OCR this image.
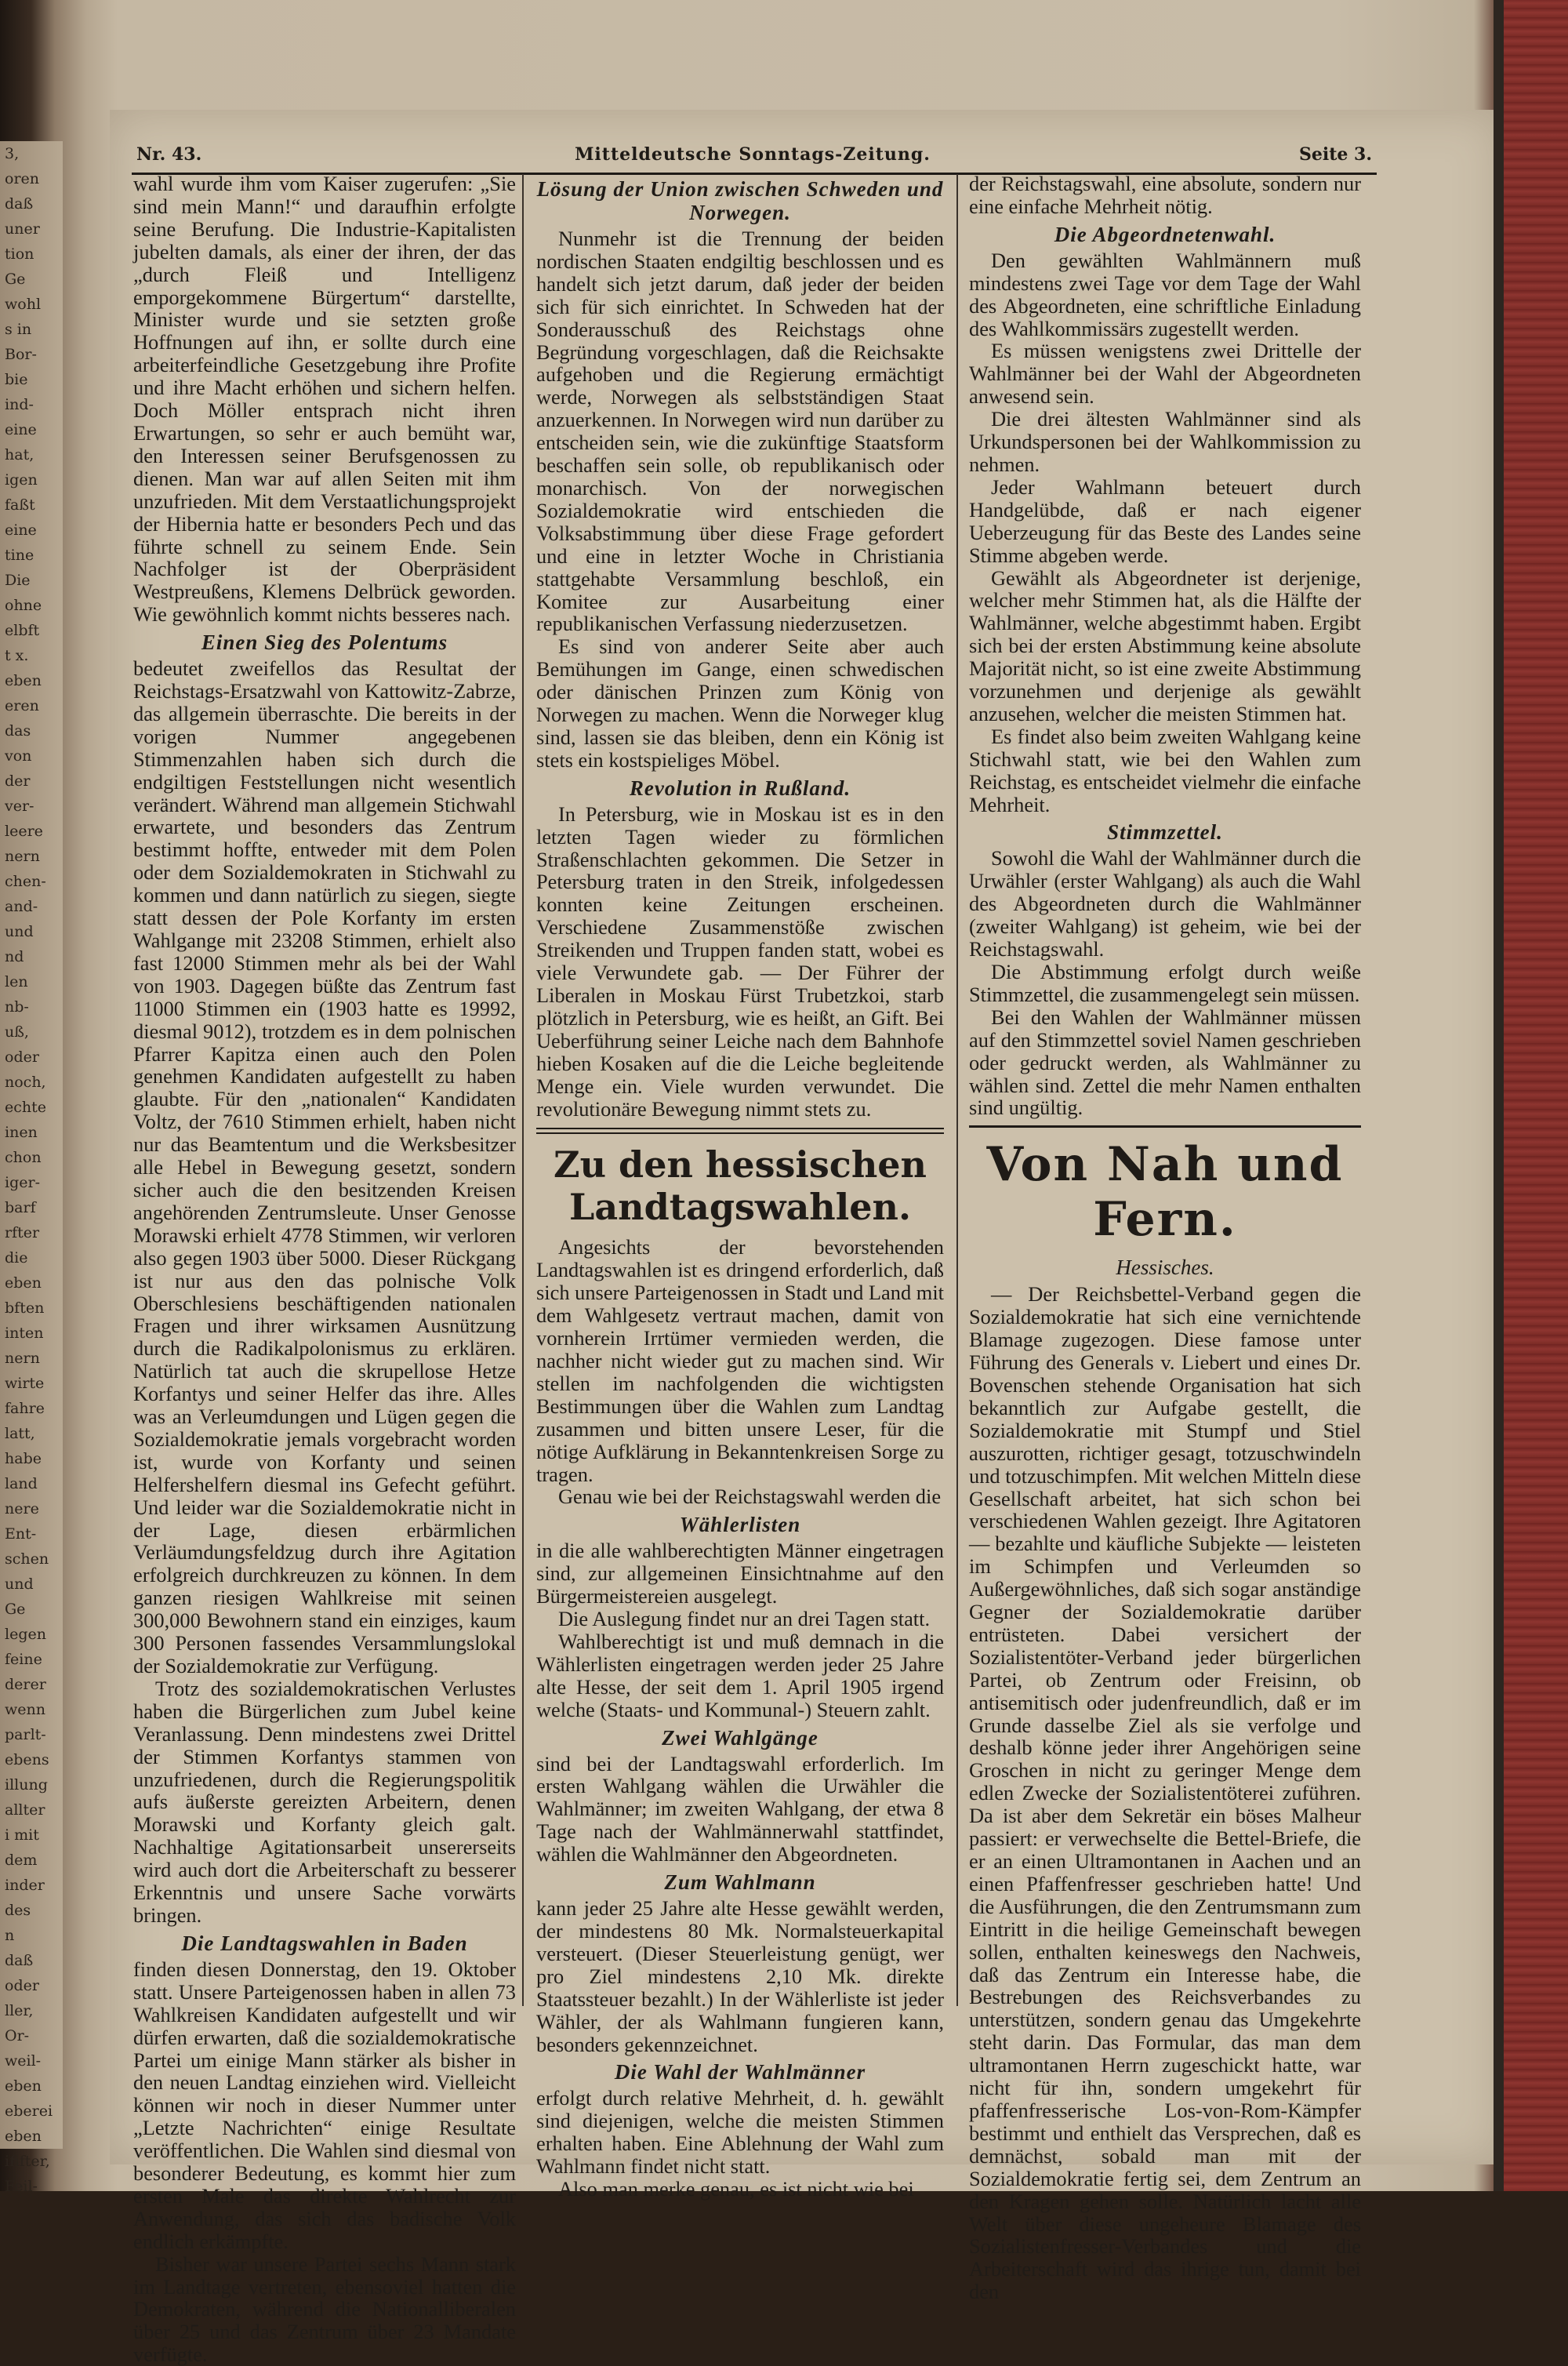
3,
oren
daß
uner
tion
Ge
wohl
s in
Bor-
bie
ind-
eine
hat,
igen
faßt
eine
tine
Die
ohne
elbft
t x.
eben
eren
das
von
der
ver-
leere
nern
chen-
and-
und
nd
len
nb-
uß,
oder
noch,
echte
inen
chon
iger-
barf
rfter
die
eben
bften
inten
nern
wirte
fahre
latt,
habe
land
nere
Ent-
schen
und
Ge
legen
feine
derer
wenn
parlt-
ebens
illung
allter
i mit
dem
inder
des
n
daß
oder
ller,
Or-
weil-
eben
eberei
eben
ififter,
Feil-
Nr. 43.	Mitteldeutsche Sonntags-Zeitung.	Seite 3.

wahl wurde ihm vom Kaiser zugerufen: „Sie sind mein Mann!“ und daraufhin erfolgte seine Berufung. Die Industrie-Kapitalisten jubelten damals, als einer der ihren, der das „durch Fleiß und Intelligenz emporgekommene Bürgertum“ darstellte, Minister wurde und sie setzten große Hoffnungen auf ihn, er sollte durch eine arbeiterfeindliche Gesetzgebung ihre Profite und ihre Macht erhöhen und sichern helfen. Doch Möller entsprach nicht ihren Erwartungen, so sehr er auch bemüht war, den Interessen seiner Berufsgenossen zu dienen. Man war auf allen Seiten mit ihm unzufrieden. Mit dem Verstaatlichungsprojekt der Hibernia hatte er besonders Pech und das führte schnell zu seinem Ende. Sein Nachfolger ist der Oberpräsident Westpreußens, Klemens Delbrück geworden. Wie gewöhnlich kommt nichts besseres nach.

Einen Sieg des Polentums

bedeutet zweifellos das Resultat der Reichstags-Ersatzwahl von Kattowitz-Zabrze, das allgemein überraschte. Die bereits in der vorigen Nummer angegebenen Stimmenzahlen haben sich durch die endgiltigen Feststellungen nicht wesentlich verändert. Während man allgemein Stichwahl erwartete, und besonders das Zentrum bestimmt hoffte, entweder mit dem Polen oder dem Sozialdemokraten in Stichwahl zu kommen und dann natürlich zu siegen, siegte statt dessen der Pole Korfanty im ersten Wahlgange mit 23208 Stimmen, erhielt also fast 12000 Stimmen mehr als bei der Wahl von 1903. Dagegen büßte das Zentrum fast 11000 Stimmen ein (1903 hatte es 19992, diesmal 9012), trotzdem es in dem polnischen Pfarrer Kapitza einen auch den Polen genehmen Kandidaten aufgestellt zu haben glaubte. Für den „nationalen“ Kandidaten Voltz, der 7610 Stimmen erhielt, haben nicht nur das Beamtentum und die Werksbesitzer alle Hebel in Bewegung gesetzt, sondern sicher auch die den besitzenden Kreisen angehörenden Zentrumsleute. Unser Genosse Morawski erhielt 4778 Stimmen, wir verloren also gegen 1903 über 5000. Dieser Rückgang ist nur aus den das polnische Volk Oberschlesiens beschäftigenden nationalen Fragen und ihrer wirksamen Ausnützung durch die Radikalpolonismus zu erklären. Natürlich tat auch die skrupellose Hetze Korfantys und seiner Helfer das ihre. Alles was an Verleumdungen und Lügen gegen die Sozialdemokratie jemals vorgebracht worden ist, wurde von Korfanty und seinen Helfershelfern diesmal ins Gefecht geführt. Und leider war die Sozialdemokratie nicht in der Lage, diesen erbärmlichen Verläumdungsfeldzug durch ihre Agitation erfolgreich durchkreuzen zu können. In dem ganzen riesigen Wahlkreise mit seinen 300,000 Bewohnern stand ein einziges, kaum 300 Personen fassendes Versammlungslokal der Sozialdemokratie zur Verfügung.

Trotz des sozialdemokratischen Verlustes haben die Bürgerlichen zum Jubel keine Veranlassung. Denn mindestens zwei Drittel der Stimmen Korfantys stammen von unzufriedenen, durch die Regierungspolitik aufs äußerste gereizten Arbeitern, denen Morawski und Korfanty gleich galt. Nachhaltige Agitationsarbeit unsererseits wird auch dort die Arbeiterschaft zu besserer Erkenntnis und unsere Sache vorwärts bringen.

Die Landtagswahlen in Baden

finden diesen Donnerstag, den 19. Oktober statt. Unsere Parteigenossen haben in allen 73 Wahlkreisen Kandidaten aufgestellt und wir dürfen erwarten, daß die sozialdemokratische Partei um einige Mann stärker als bisher in den neuen Landtag einziehen wird. Vielleicht können wir noch in dieser Nummer unter „Letzte Nachrichten“ einige Resultate veröffentlichen. Die Wahlen sind diesmal von besonderer Bedeutung, es kommt hier zum ersten Male das direkte Wahlrecht zur Anwendung, das sich das badische Volk endlich erkämpfte.

Bisher war unsere Partei sechs Mann stark im Landtage vertreten, ebensoviel hatten die Demokraten, während die Nationalliberalen über 25 und das Zentrum über 23 Mandate verfügte.

Lösung der Union zwischen Schweden und Norwegen.

Nunmehr ist die Trennung der beiden nordischen Staaten endgiltig beschlossen und es handelt sich jetzt darum, daß jeder der beiden sich für sich einrichtet. In Schweden hat der Sonderausschuß des Reichstags ohne Begründung vorgeschlagen, daß die Reichsakte aufgehoben und die Regierung ermächtigt werde, Norwegen als selbstständigen Staat anzuerkennen. In Norwegen wird nun darüber zu entscheiden sein, wie die zukünftige Staatsform beschaffen sein solle, ob republikanisch oder monarchisch. Von der norwegischen Sozialdemokratie wird entschieden die Volksabstimmung über diese Frage gefordert und eine in letzter Woche in Christiania stattgehabte Versammlung beschloß, ein Komitee zur Ausarbeitung einer republikanischen Verfassung niederzusetzen.

Es sind von anderer Seite aber auch Bemühungen im Gange, einen schwedischen oder dänischen Prinzen zum König von Norwegen zu machen. Wenn die Norweger klug sind, lassen sie das bleiben, denn ein König ist stets ein kostspieliges Möbel.

Revolution in Rußland.

In Petersburg, wie in Moskau ist es in den letzten Tagen wieder zu förmlichen Straßenschlachten gekommen. Die Setzer in Petersburg traten in den Streik, infolgedessen konnten keine Zeitungen erscheinen. Verschiedene Zusammenstöße zwischen Streikenden und Truppen fanden statt, wobei es viele Verwundete gab. — Der Führer der Liberalen in Moskau Fürst Trubetzkoi, starb plötzlich in Petersburg, wie es heißt, an Gift. Bei Ueberführung seiner Leiche nach dem Bahnhofe hieben Kosaken auf die die Leiche begleitende Menge ein. Viele wurden verwundet. Die revolutionäre Bewegung nimmt stets zu.

Zu den hessischen Landtagswahlen.

Angesichts der bevorstehenden Landtagswahlen ist es dringend erforderlich, daß sich unsere Parteigenossen in Stadt und Land mit dem Wahlgesetz vertraut machen, damit von vornherein Irrtümer vermieden werden, die nachher nicht wieder gut zu machen sind. Wir stellen im nachfolgenden die wichtigsten Bestimmungen über die Wahlen zum Landtag zusammen und bitten unsere Leser, für die nötige Aufklärung in Bekanntenkreisen Sorge zu tragen.

Genau wie bei der Reichstagswahl werden die

Wählerlisten

in die alle wahlberechtigten Männer eingetragen sind, zur allgemeinen Einsichtnahme auf den Bürgermeistereien ausgelegt.

Die Auslegung findet nur an drei Tagen statt.

Wahlberechtigt ist und muß demnach in die Wählerlisten eingetragen werden jeder 25 Jahre alte Hesse, der seit dem 1. April 1905 irgend welche (Staats- und Kommunal-) Steuern zahlt.

Zwei Wahlgänge

sind bei der Landtagswahl erforderlich. Im ersten Wahlgang wählen die Urwähler die Wahlmänner; im zweiten Wahlgang, der etwa 8 Tage nach der Wahlmännerwahl stattfindet, wählen die Wahlmänner den Abgeordneten.

Zum Wahlmann

kann jeder 25 Jahre alte Hesse gewählt werden, der mindestens 80 Mk. Normalsteuerkapital versteuert. (Dieser Steuerleistung genügt, wer pro Ziel mindestens 2,10 Mk. direkte Staatssteuer bezahlt.) In der Wählerliste ist jeder Wähler, der als Wahlmann fungieren kann, besonders gekennzeichnet.

Die Wahl der Wahlmänner

erfolgt durch relative Mehrheit, d. h. gewählt sind diejenigen, welche die meisten Stimmen erhalten haben. Eine Ablehnung der Wahl zum Wahlmann findet nicht statt.

Also man merke genau, es ist nicht wie bei

der Reichstagswahl, eine absolute, sondern nur eine einfache Mehrheit nötig.

Die Abgeordnetenwahl.

Den gewählten Wahlmännern muß mindestens zwei Tage vor dem Tage der Wahl des Abgeordneten, eine schriftliche Einladung des Wahlkommissärs zugestellt werden.

Es müssen wenigstens zwei Drittelle der Wahlmänner bei der Wahl der Abgeordneten anwesend sein.

Die drei ältesten Wahlmänner sind als Urkundspersonen bei der Wahlkommission zu nehmen.

Jeder Wahlmann beteuert durch Handgelübde, daß er nach eigener Ueberzeugung für das Beste des Landes seine Stimme abgeben werde.

Gewählt als Abgeordneter ist derjenige, welcher mehr Stimmen hat, als die Hälfte der Wahlmänner, welche abgestimmt haben. Ergibt sich bei der ersten Abstimmung keine absolute Majorität nicht, so ist eine zweite Abstimmung vorzunehmen und derjenige als gewählt anzusehen, welcher die meisten Stimmen hat.

Es findet also beim zweiten Wahlgang keine Stichwahl statt, wie bei den Wahlen zum Reichstag, es entscheidet vielmehr die einfache Mehrheit.

Stimmzettel.

Sowohl die Wahl der Wahlmänner durch die Urwähler (erster Wahlgang) als auch die Wahl des Abgeordneten durch die Wahlmänner (zweiter Wahlgang) ist geheim, wie bei der Reichstagswahl.

Die Abstimmung erfolgt durch weiße Stimmzettel, die zusammengelegt sein müssen.

Bei den Wahlen der Wahlmänner müssen auf den Stimmzettel soviel Namen geschrieben oder gedruckt werden, als Wahlmänner zu wählen sind. Zettel die mehr Namen enthalten sind ungültig.

Von Nah und Fern.
Hessisches.

— Der Reichsbettel-Verband gegen die Sozialdemokratie hat sich eine vernichtende Blamage zugezogen. Diese famose unter Führung des Generals v. Liebert und eines Dr. Bovenschen stehende Organisation hat sich bekanntlich zur Aufgabe gestellt, die Sozialdemokratie mit Stumpf und Stiel auszurotten, richtiger gesagt, totzuschwindeln und totzuschimpfen. Mit welchen Mitteln diese Gesellschaft arbeitet, hat sich schon bei verschiedenen Wahlen gezeigt. Ihre Agitatoren — bezahlte und käufliche Subjekte — leisteten im Schimpfen und Verleumden so Außergewöhnliches, daß sich sogar anständige Gegner der Sozialdemokratie darüber entrüsteten. Dabei versichert der Sozialistentöter-Verband jeder bürgerlichen Partei, ob Zentrum oder Freisinn, ob antisemitisch oder judenfreundlich, daß er im Grunde dasselbe Ziel als sie verfolge und deshalb könne jeder ihrer Angehörigen seine Groschen in nicht zu geringer Menge dem edlen Zwecke der Sozialistentöterei zuführen. Da ist aber dem Sekretär ein böses Malheur passiert: er verwechselte die Bettel-Briefe, die er an einen Ultramontanen in Aachen und an einen Pfaffenfresser geschrieben hatte! Und die Ausführungen, die den Zentrumsmann zum Eintritt in die heilige Gemeinschaft bewegen sollen, enthalten keineswegs den Nachweis, daß das Zentrum ein Interesse habe, die Bestrebungen des Reichsverbandes zu unterstützen, sondern genau das Umgekehrte steht darin. Das Formular, das man dem ultramontanen Herrn zugeschickt hatte, war nicht für ihn, sondern umgekehrt für pfaffenfresserische Los-von-Rom-Kämpfer bestimmt und enthielt das Versprechen, daß es demnächst, sobald man mit der Sozialdemokratie fertig sei, dem Zentrum an den Kragen gehen solle. Natürlich lacht alle Welt über diese ungeheure Blamage des Sozialistenfresser-Verbandes und die Arbeiterschaft wird das ihrige tun, damit bei den
